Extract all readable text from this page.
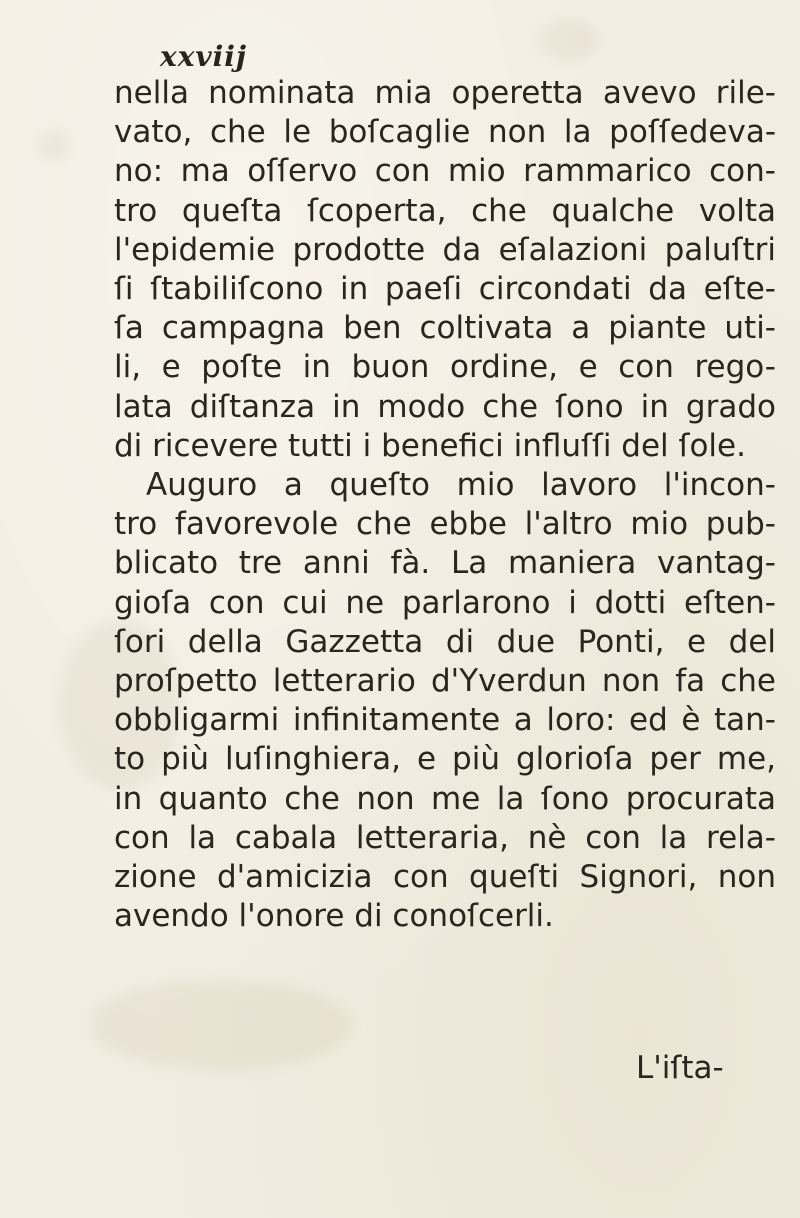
xxviij
nella nominata mia operetta avevo rile-
vato, che le boſcaglie non la poſſedeva-
no: ma oſſervo con mio rammarico con-
tro queſta ſcoperta, che qualche volta
l'epidemie prodotte da eſalazioni paluſtri
ſi ſtabiliſcono in paeſi circondati da eſte-
ſa campagna ben coltivata a piante uti-
li, e poſte in buon ordine, e con rego-
lata diſtanza in modo che ſono in grado
di ricevere tutti i benefici influſſi del ſole.
Auguro a queſto mio lavoro l'incon-
tro favorevole che ebbe l'altro mio pub-
blicato tre anni fà. La maniera vantag-
gioſa con cui ne parlarono i dotti eſten-
ſori della Gazzetta di due Ponti, e del
proſpetto letterario d'Yverdun non fa che
obbligarmi infinitamente a loro: ed è tan-
to più luſinghiera, e più glorioſa per me,
in quanto che non me la ſono procurata
con la cabala letteraria, nè con la rela-
zione d'amicizia con queſti Signori, non
avendo l'onore di conoſcerli.
L'iſta-
